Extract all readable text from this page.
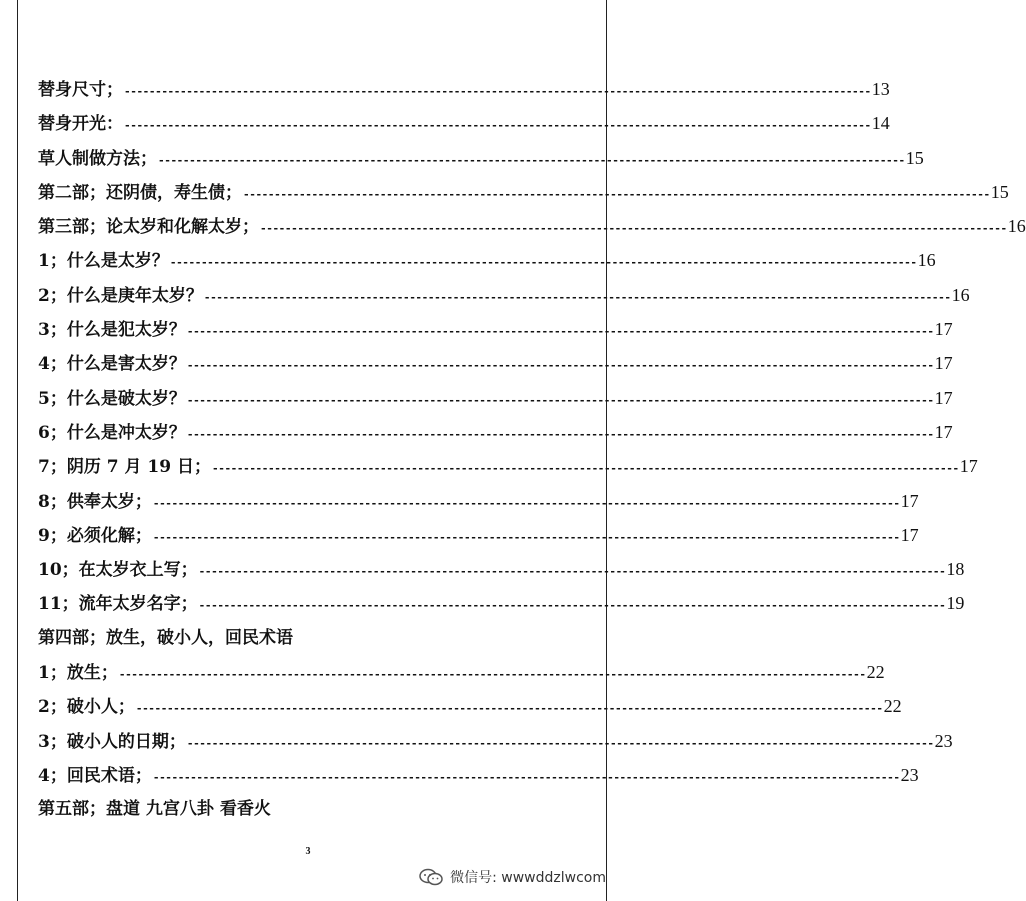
替身尺寸； ------------------------------------------------------------------------------------------------------------------------ 13
替身开光： ------------------------------------------------------------------------------------------------------------------------ 14
草人制做方法； ------------------------------------------------------------------------------------------------------------------------ 15
第二部；还阴债，寿生债； ------------------------------------------------------------------------------------------------------------------------ 15
第三部；论太岁和化解太岁； ------------------------------------------------------------------------------------------------------------------------ 16
1；什么是太岁？ ------------------------------------------------------------------------------------------------------------------------ 16
2；什么是庚年太岁？ ------------------------------------------------------------------------------------------------------------------------ 16
3；什么是犯太岁？ ------------------------------------------------------------------------------------------------------------------------ 17
4；什么是害太岁？ ------------------------------------------------------------------------------------------------------------------------ 17
5；什么是破太岁？ ------------------------------------------------------------------------------------------------------------------------ 17
6；什么是冲太岁？ ------------------------------------------------------------------------------------------------------------------------ 17
7；阴历 7 月 19 日； ------------------------------------------------------------------------------------------------------------------------ 17
8；供奉太岁； ------------------------------------------------------------------------------------------------------------------------ 17
9；必须化解； ------------------------------------------------------------------------------------------------------------------------ 17
10；在太岁衣上写； ------------------------------------------------------------------------------------------------------------------------ 18
11；流年太岁名字； ------------------------------------------------------------------------------------------------------------------------ 19
第四部；放生，破小人，回民术语
1；放生； ------------------------------------------------------------------------------------------------------------------------ 22
2；破小人； ------------------------------------------------------------------------------------------------------------------------ 22
3；破小人的日期； ------------------------------------------------------------------------------------------------------------------------ 23
4；回民术语； ------------------------------------------------------------------------------------------------------------------------ 23
第五部；盘道 九宫八卦 看香火
3
微信号: wwwddzlwcom
